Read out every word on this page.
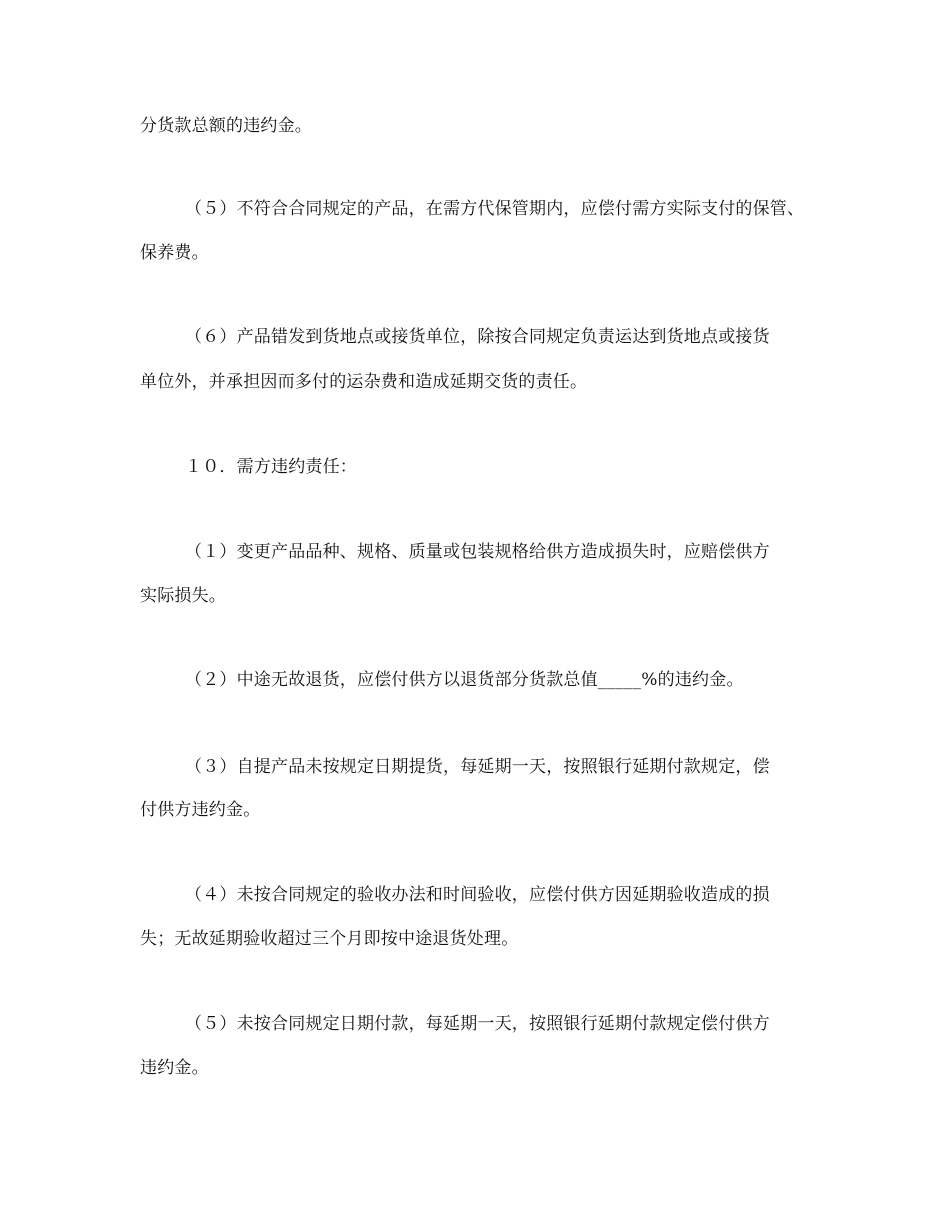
分货款总额的违约金。
（５）不符合合同规定的产品，在需方代保管期内，应偿付需方实际支付的保管、
保养费。
（６）产品错发到货地点或接货单位，除按合同规定负责运达到货地点或接货
单位外，并承担因而多付的运杂费和造成延期交货的责任。
１０．需方违约责任：
（１）变更产品品种、规格、质量或包装规格给供方造成损失时，应赔偿供方
实际损失。
（２）中途无故退货，应偿付供方以退货部分货款总值_____%的违约金。
（３）自提产品未按规定日期提货，每延期一天，按照银行延期付款规定，偿
付供方违约金。
（４）未按合同规定的验收办法和时间验收，应偿付供方因延期验收造成的损
失；无故延期验收超过三个月即按中途退货处理。
（５）未按合同规定日期付款，每延期一天，按照银行延期付款规定偿付供方
违约金。
